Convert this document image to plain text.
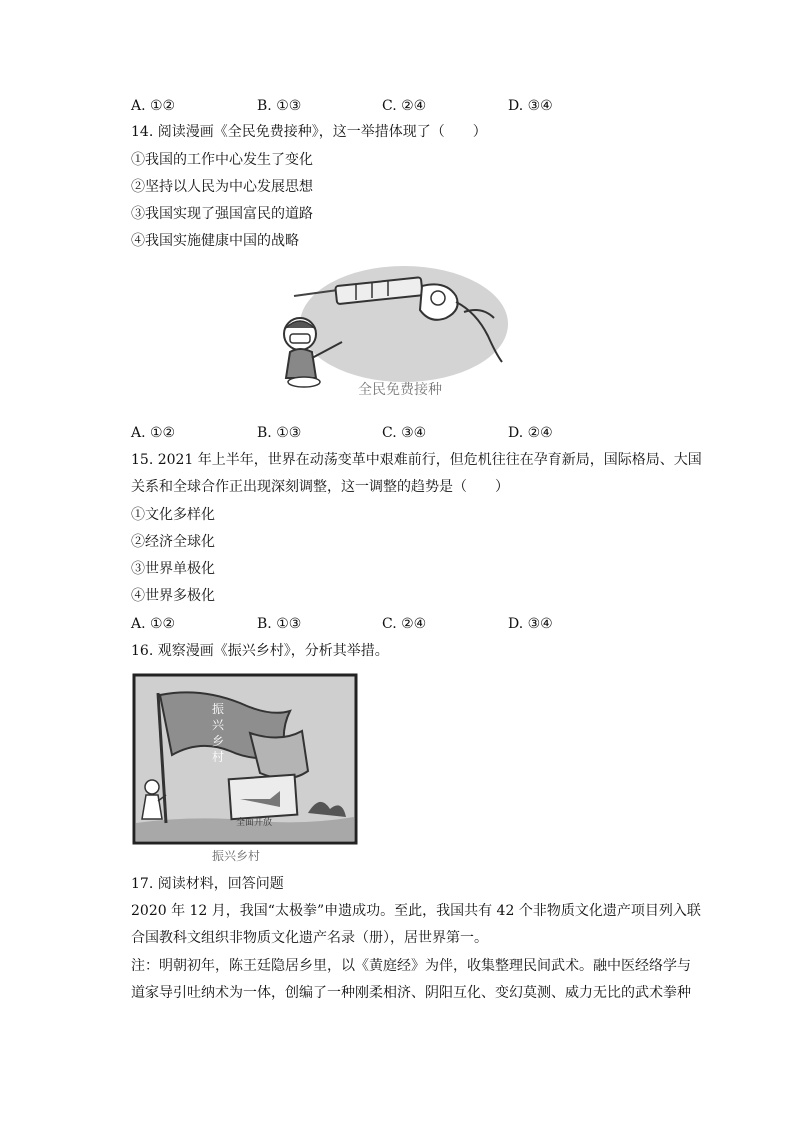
A. ①②	B. ①③	C. ②④	D. ③④
14. 阅读漫画《全民免费接种》，这一举措体现了（　　）
①我国的工作中心发生了变化
②坚持以人民为中心发展思想
③我国实现了强国富民的道路
④我国实施健康中国的战略
全民免费接种
A. ①②	B. ①③	C. ③④	D. ②④
15. 2021 年上半年，世界在动荡变革中艰难前行，但危机往往在孕育新局，国际格局、大国
关系和全球合作正出现深刻调整，这一调整的趋势是（　　）
①文化多样化
②经济全球化
③世界单极化
④世界多极化
A. ①②	B. ①③	C. ②④	D. ③④
16. 观察漫画《振兴乡村》，分析其举措。
振
兴
乡
村
全面开放
振兴乡村
17. 阅读材料，回答问题
2020 年 12 月，我国“太极拳”申遗成功。至此，我国共有 42 个非物质文化遗产项目列入联
合国教科文组织非物质文化遗产名录（册），居世界第一。
注：明朝初年，陈王廷隐居乡里，以《黄庭经》为伴，收集整理民间武术。融中医经络学与
道家导引吐纳术为一体，创编了一种刚柔相济、阴阳互化、变幻莫测、威力无比的武术拳种
